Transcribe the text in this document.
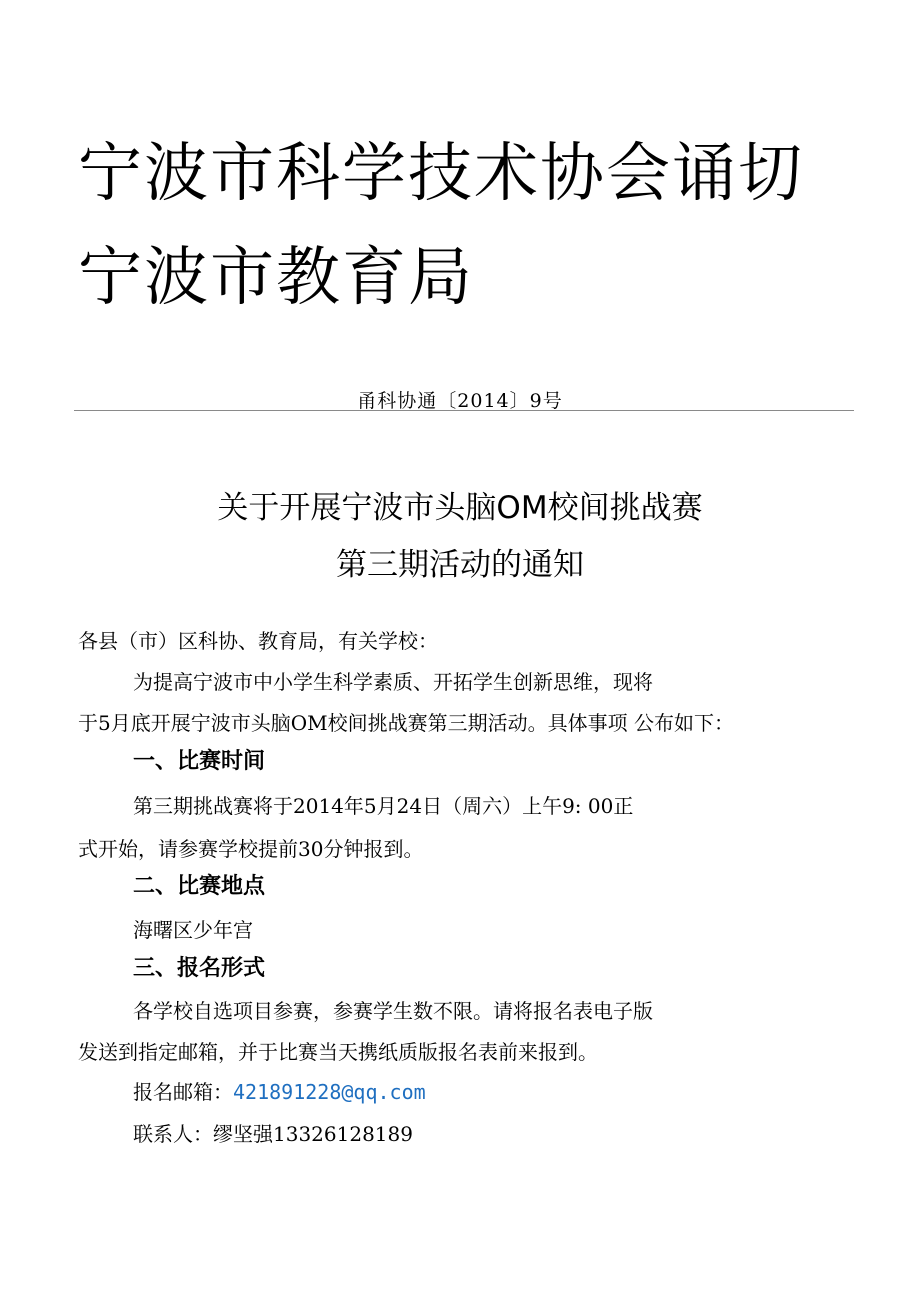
宁波市科学技术协会诵切
宁波市教育局
甬科协通〔2014〕9号
关于开展宁波市头脑OM校间挑战赛
第三期活动的通知
各县（市）区科协、教育局，有关学校：
为提高宁波市中小学生科学素质、开拓学生创新思维，现将
于5月底开展宁波市头脑OM校间挑战赛第三期活动。具体事项 公布如下：
一、比赛时间
第三期挑战赛将于2014年5月24日（周六）上午9: 00正
式开始，请参赛学校提前30分钟报到。
二、比赛地点
海曙区少年宫
三、报名形式
各学校自选项目参赛，参赛学生数不限。请将报名表电子版
发送到指定邮箱，并于比赛当天携纸质版报名表前来报到。
报名邮箱：421891228@qq.com
联系人：缪坚强13326128189
